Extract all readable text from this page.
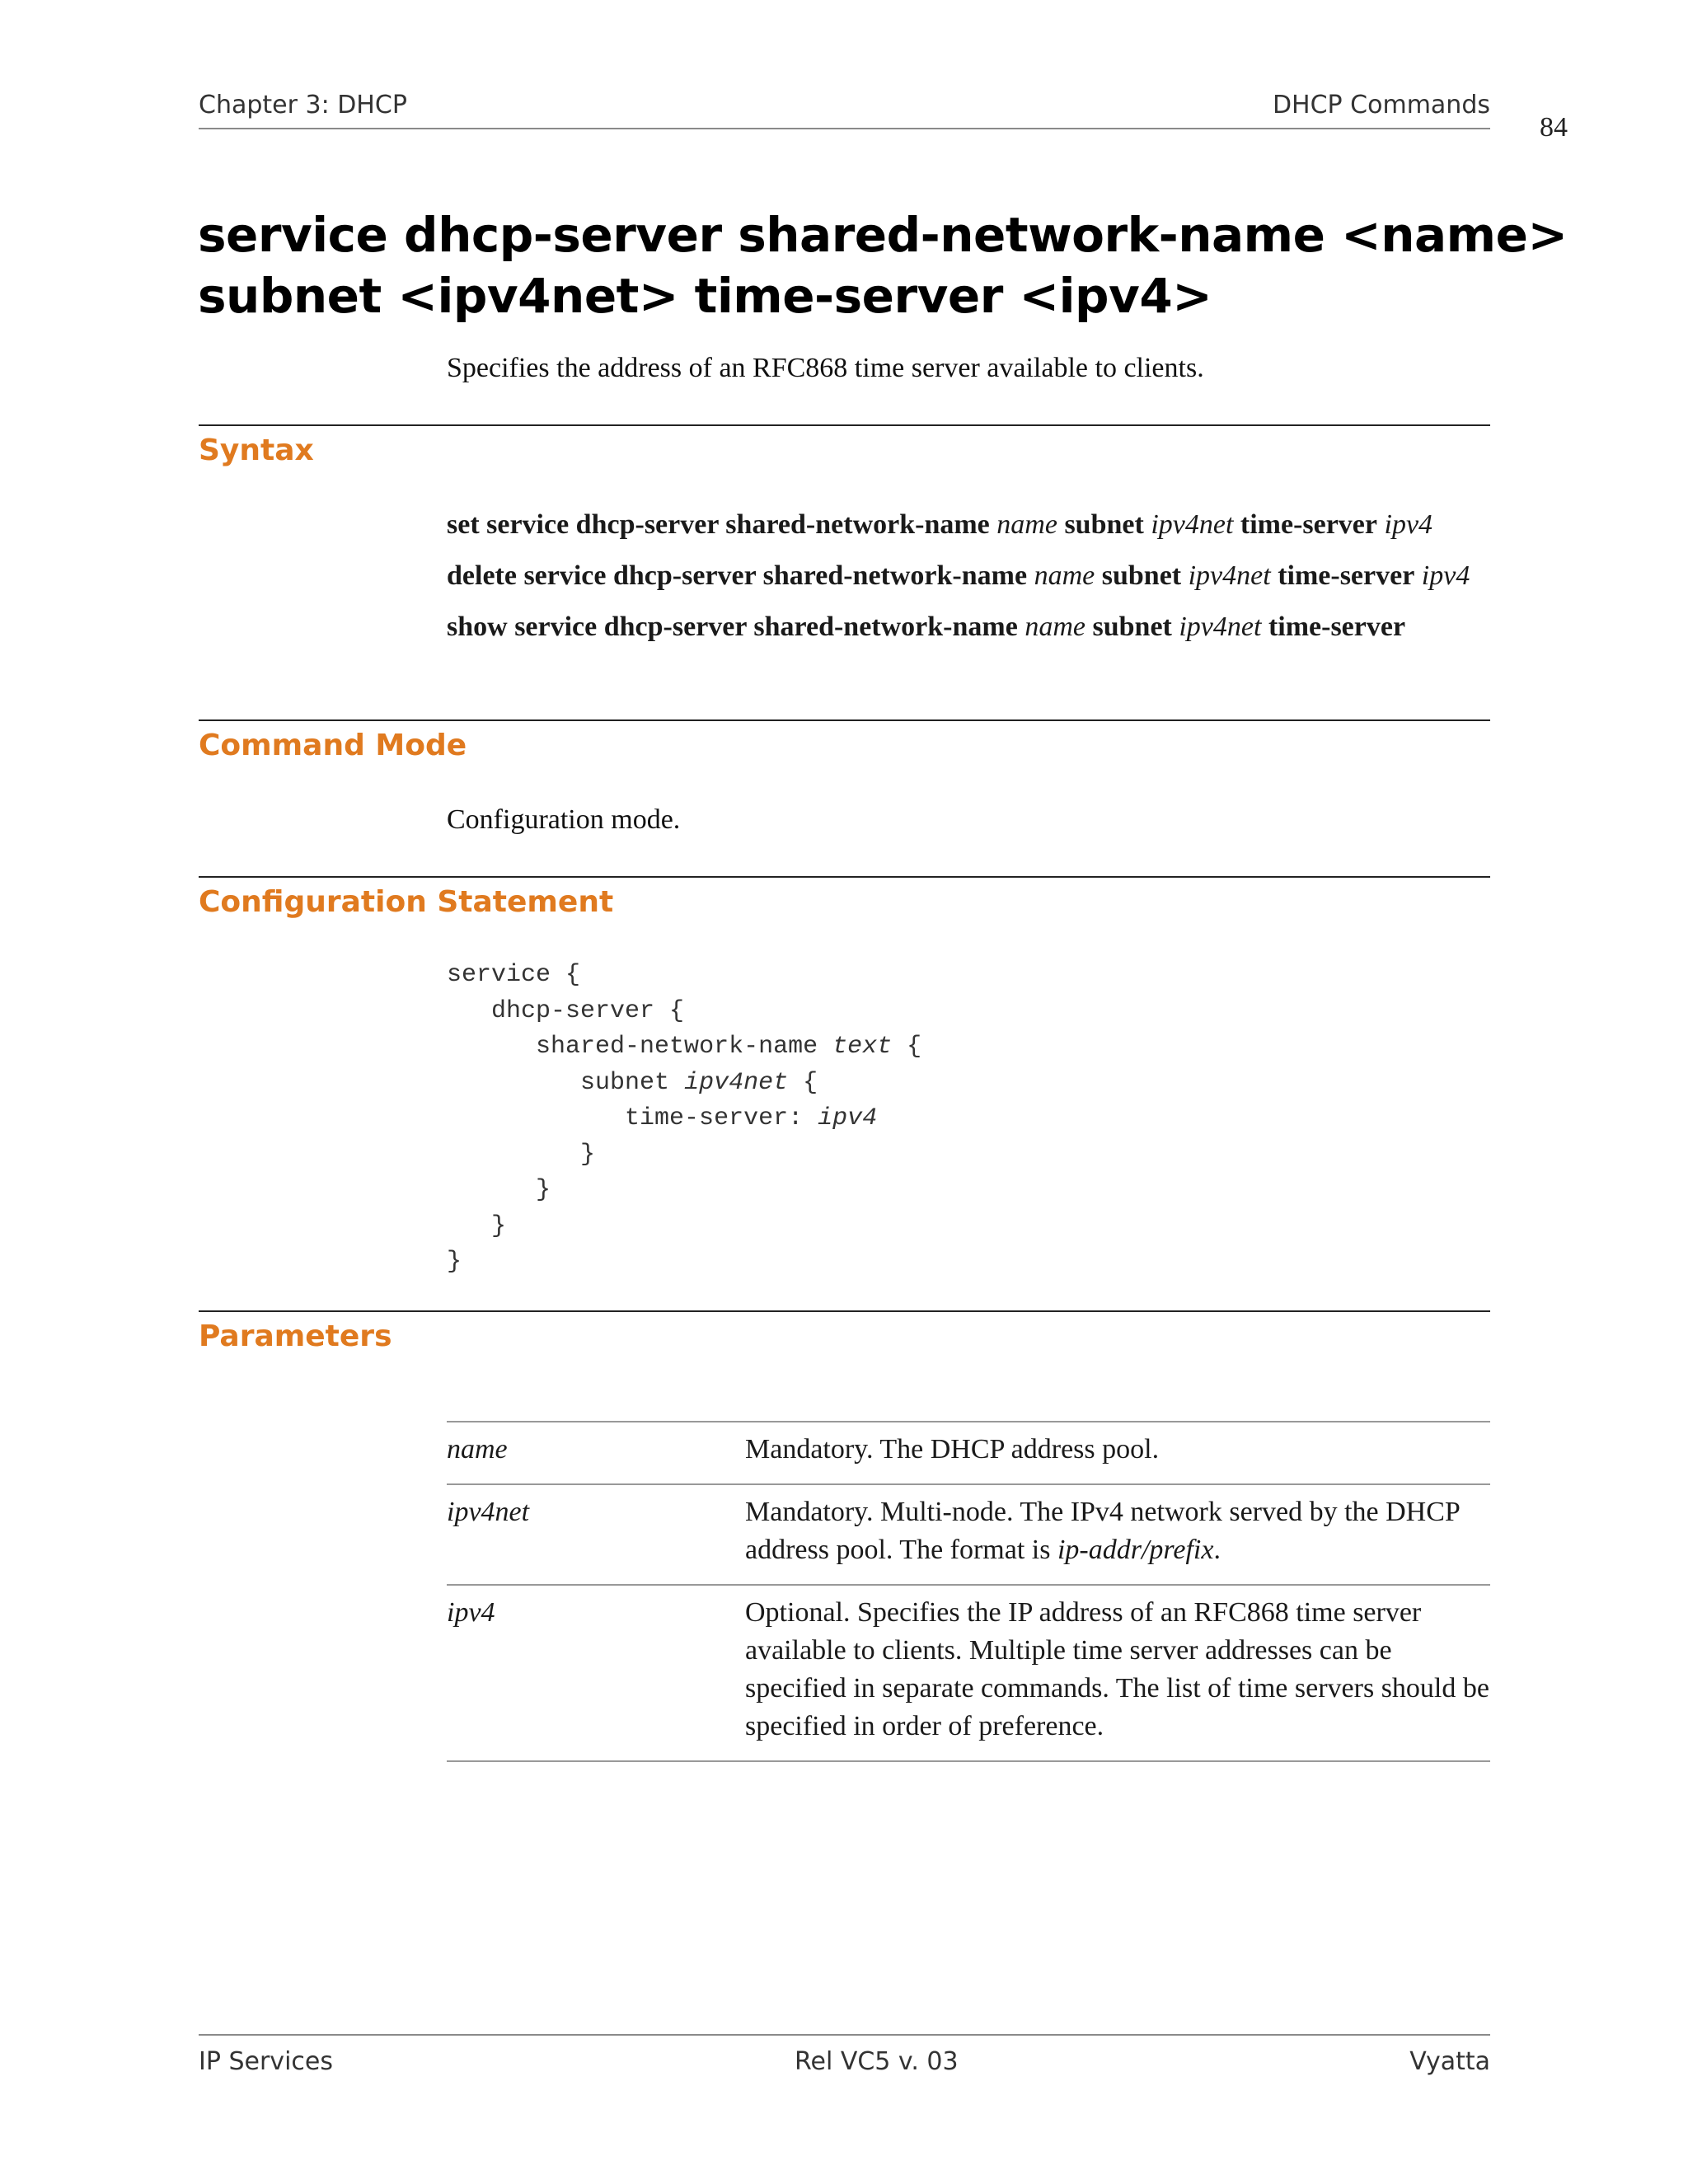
Chapter 3: DHCP	DHCP Commands
84
service dhcp-server shared-network-name <name>
subnet <ipv4net> time-server <ipv4>
Specifies the address of an RFC868 time server available to clients.
Syntax

set service dhcp-server shared-network-name name subnet ipv4net time-server ipv4

delete service dhcp-server shared-network-name name subnet ipv4net time-server ipv4

show service dhcp-server shared-network-name name subnet ipv4net time-server

Command Mode
Configuration mode.
Configuration Statement
service {
dhcp-server {
shared-network-name text {
subnet ipv4net {
time-server: ipv4
}
}
}
}
Parameters
name	Mandatory. The DHCP address pool.
ipv4net	Mandatory. Multi-node. The IPv4 network served by the DHCP address pool. The format is ip-addr/prefix.
ipv4	Optional. Specifies the IP address of an RFC868 time server available to clients. Multiple time server addresses can be specified in separate commands. The list of time servers should be specified in order of preference.
IP Services	Rel VC5 v. 03	Vyatta
